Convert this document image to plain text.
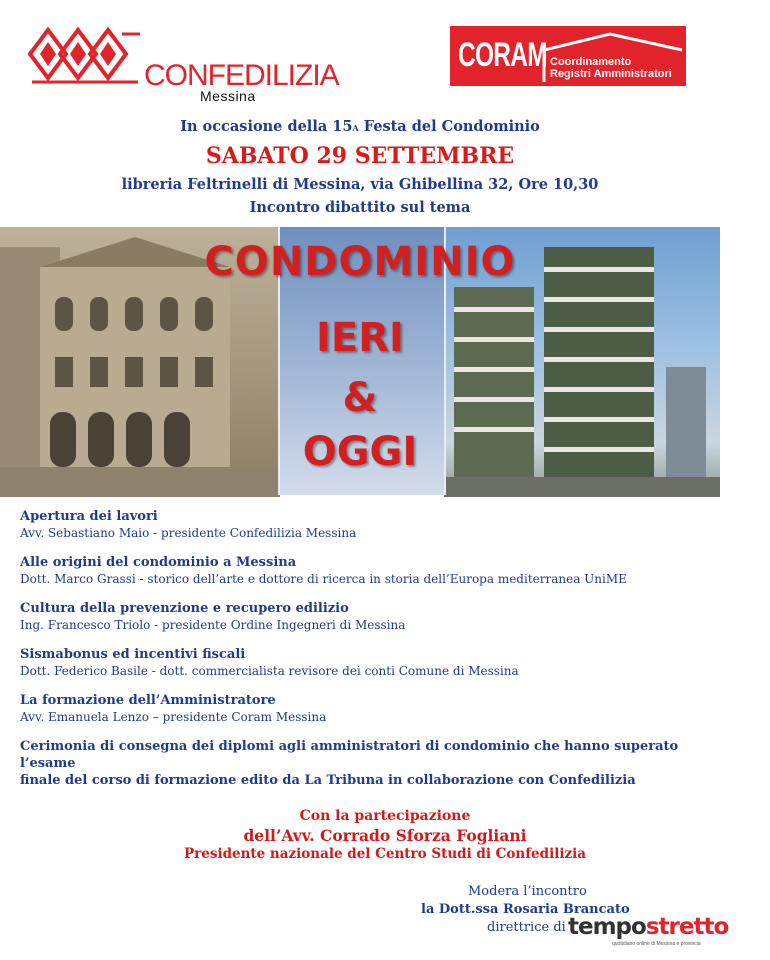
CONFEDILIZIA
Messina
CORAM Coordinamento
Registri Amministratori
In occasione della 15A Festa del Condominio
SABATO 29 SETTEMBRE
libreria Feltrinelli di Messina, via Ghibellina 32, Ore 10,30
Incontro dibattito sul tema
CONDOMINIO
IERI
&
OGGI
Apertura dei lavori
Avv. Sebastiano Maio - presidente Confedilizia Messina
Alle origini del condominio a Messina
Dott. Marco Grassi - storico dell’arte e dottore di ricerca in storia dell’Europa mediterranea UniME
Cultura della prevenzione e recupero edilizio
Ing. Francesco Triolo - presidente Ordine Ingegneri di Messina
Sismabonus ed incentivi fiscali
Dott. Federico Basile - dott. commercialista revisore dei conti Comune di Messina
La formazione dell’Amministratore
Avv. Emanuela Lenzo – presidente Coram Messina
Cerimonia di consegna dei diplomi agli amministratori di condominio che hanno superato l’esame
finale del corso di formazione edito da La Tribuna in collaborazione con Confedilizia
Con la partecipazione
dell’Avv. Corrado Sforza Fogliani
Presidente nazionale del Centro Studi di Confedilizia
Modera l’incontro
la Dott.ssa Rosaria Brancato
direttrice di tempostretto
quotidiano online di Messina e provincia
